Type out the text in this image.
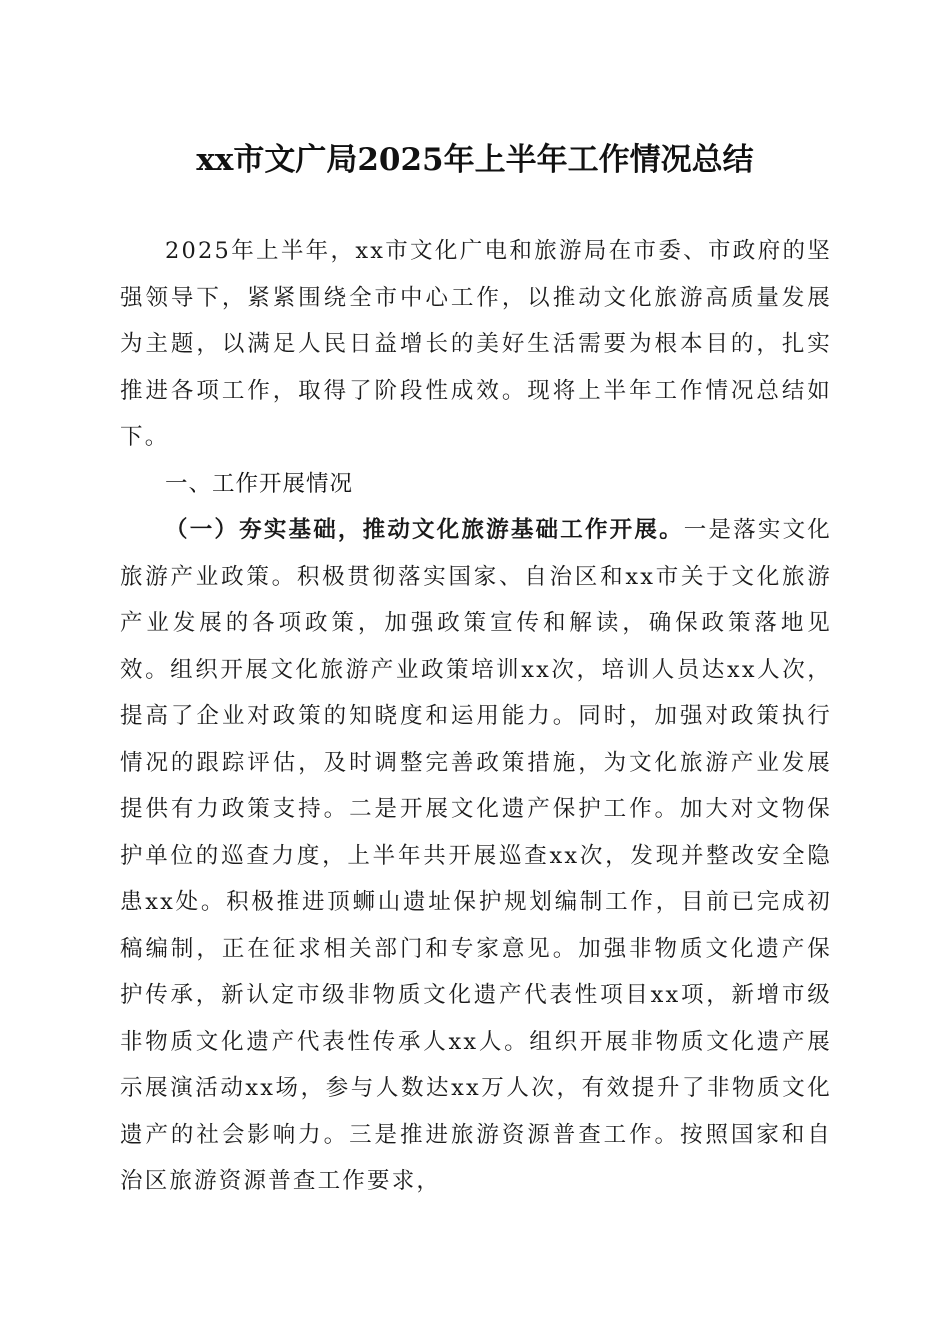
xx市文广局2025年上半年工作情况总结

2025年上半年，xx市文化广电和旅游局在市委、市政府的坚强领导下，紧紧围绕全市中心工作，以推动文化旅游高质量发展为主题，以满足人民日益增长的美好生活需要为根本目的，扎实推进各项工作，取得了阶段性成效。现将上半年工作情况总结如下。

一、工作开展情况

（一）夯实基础，推动文化旅游基础工作开展。一是落实文化旅游产业政策。积极贯彻落实国家、自治区和xx市关于文化旅游产业发展的各项政策，加强政策宣传和解读，确保政策落地见效。组织开展文化旅游产业政策培训xx次，培训人员达xx人次，提高了企业对政策的知晓度和运用能力。同时，加强对政策执行情况的跟踪评估，及时调整完善政策措施，为文化旅游产业发展提供有力政策支持。二是开展文化遗产保护工作。加大对文物保护单位的巡查力度，上半年共开展巡查xx次，发现并整改安全隐患xx处。积极推进顶蛳山遗址保护规划编制工作，目前已完成初稿编制，正在征求相关部门和专家意见。加强非物质文化遗产保护传承，新认定市级非物质文化遗产代表性项目xx项，新增市级非物质文化遗产代表性传承人xx人。组织开展非物质文化遗产展示展演活动xx场，参与人数达xx万人次，有效提升了非物质文化遗产的社会影响力。三是推进旅游资源普查工作。按照国家和自治区旅游资源普查工作要求，
